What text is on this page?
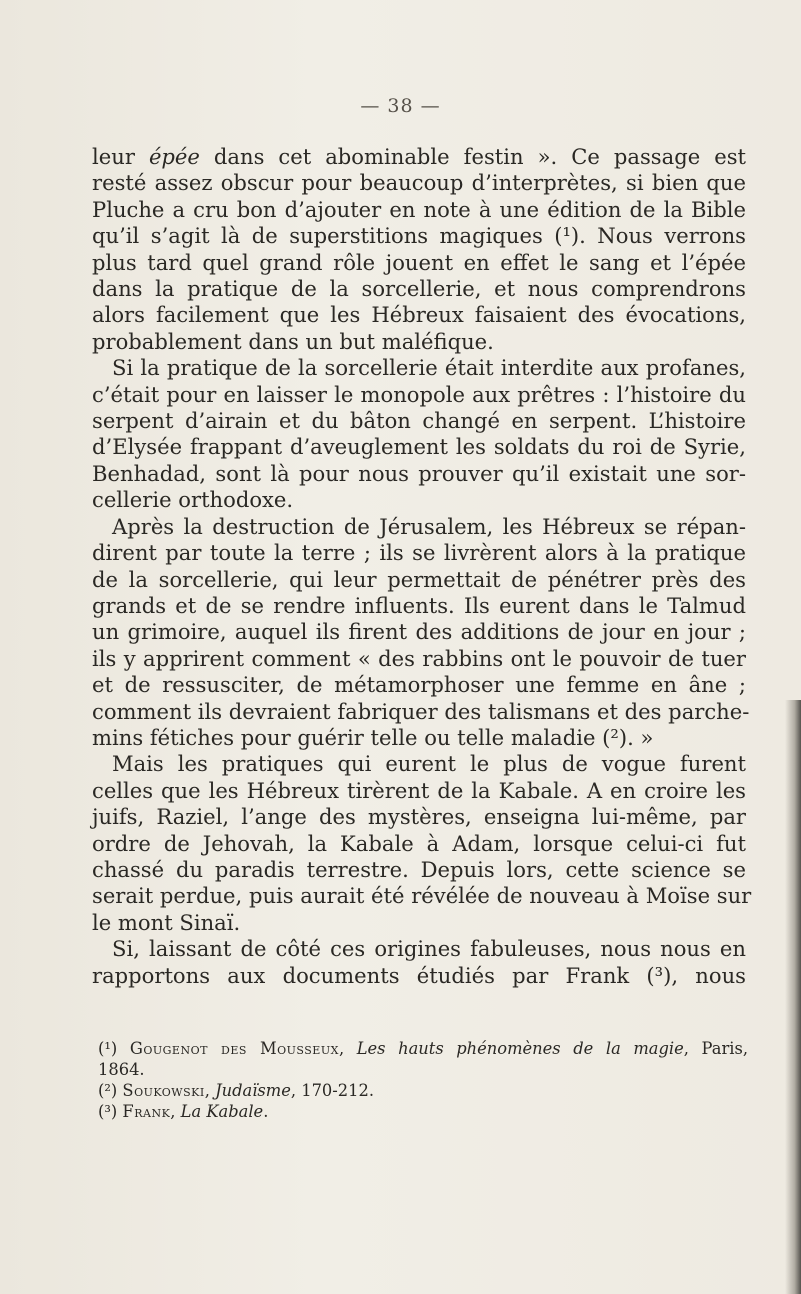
— 38 —

leur épée dans cet abominable festin ». Ce passage est
resté assez obscur pour beaucoup d’interprètes, si bien que
Pluche a cru bon d’ajouter en note à une édition de la Bible
qu’il s’agit là de superstitions magiques (¹). Nous verrons
plus tard quel grand rôle jouent en effet le sang et l’épée
dans la pratique de la sorcellerie, et nous comprendrons
alors facilement que les Hébreux faisaient des évocations,
probablement dans un but maléfique.

Si la pratique de la sorcellerie était interdite aux profanes,
c’était pour en laisser le monopole aux prêtres : l’histoire du
serpent d’airain et du bâton changé en serpent. L’histoire
d’Elysée frappant d’aveuglement les soldats du roi de Syrie,
Benhadad, sont là pour nous prouver qu’il existait une sor-
cellerie orthodoxe.

Après la destruction de Jérusalem, les Hébreux se répan-
dirent par toute la terre ; ils se livrèrent alors à la pratique
de la sorcellerie, qui leur permettait de pénétrer près des
grands et de se rendre influents. Ils eurent dans le Talmud
un grimoire, auquel ils firent des additions de jour en jour ;
ils y apprirent comment « des rabbins ont le pouvoir de tuer
et de ressusciter, de métamorphoser une femme en âne ;
comment ils devraient fabriquer des talismans et des parche-
mins fétiches pour guérir telle ou telle maladie (²). »

Mais les pratiques qui eurent le plus de vogue furent
celles que les Hébreux tirèrent de la Kabale. A en croire les
juifs, Raziel, l’ange des mystères, enseigna lui-même, par
ordre de Jehovah, la Kabale à Adam, lorsque celui-ci fut
chassé du paradis terrestre. Depuis lors, cette science se
serait perdue, puis aurait été révélée de nouveau à Moïse sur
le mont Sinaï.

Si, laissant de côté ces origines fabuleuses, nous nous en
rapportons aux documents étudiés par Frank (³), nous

(¹) Gougenot des Mousseux, Les hauts phénomènes de la magie, Paris,
1864.
(²) Soukowski, Judaïsme, 170-212.
(³) Frank, La Kabale.
